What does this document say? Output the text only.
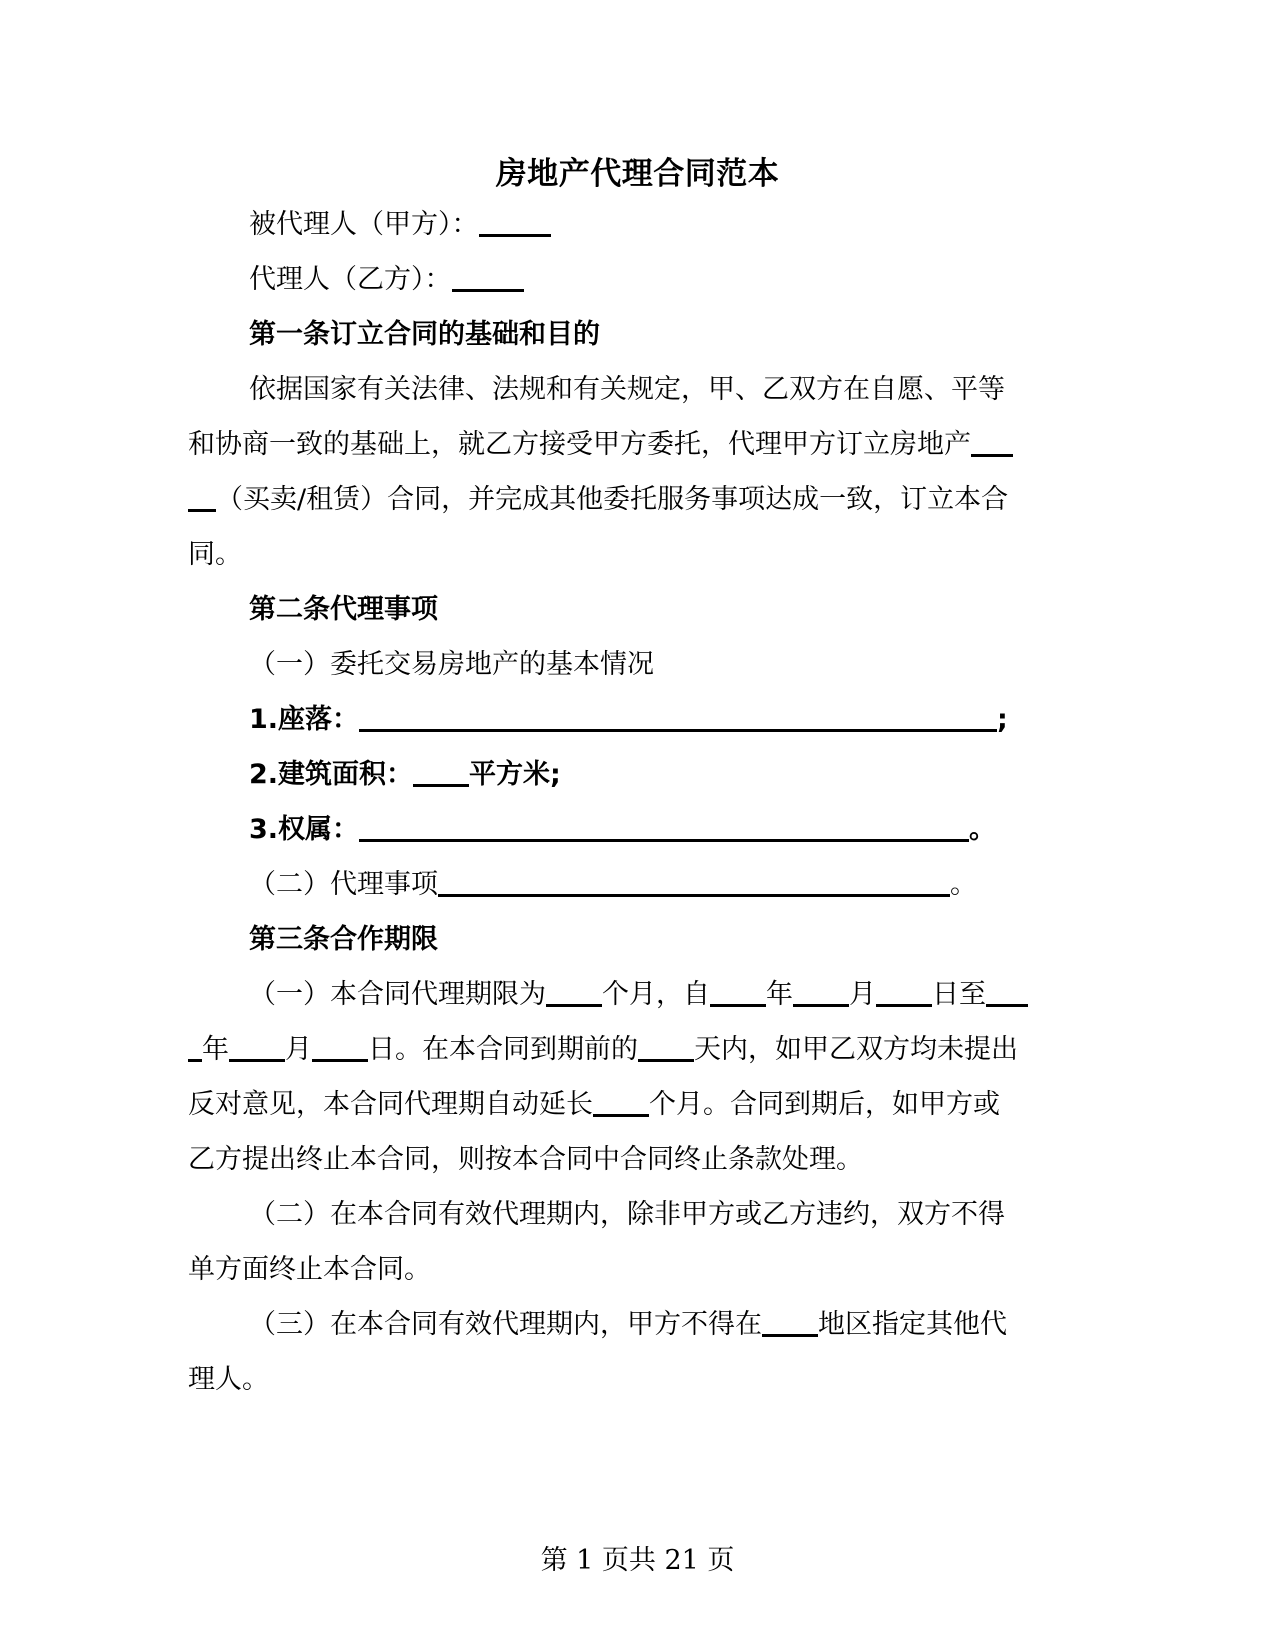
房地产代理合同范本
被代理人（甲方）：
代理人（乙方）：
第一条订立合同的基础和目的
依据国家有关法律、法规和有关规定，甲、乙双方在自愿、平等
和协商一致的基础上，就乙方接受甲方委托，代理甲方订立房地产
（买卖/租赁）合同，并完成其他委托服务事项达成一致，订立本合
同。
第二条代理事项
（一）委托交易房地产的基本情况
1.座落：	;
2.建筑面积： 平方米;
3.权属：	。
（二）代理事项	。
第三条合作期限
（一）本合同代理期限为 个月，自 年 月 日至
年 月 日。在本合同到期前的 天内，如甲乙双方均未提出
反对意见，本合同代理期自动延长 个月。合同到期后，如甲方或
乙方提出终止本合同，则按本合同中合同终止条款处理。
（二）在本合同有效代理期内，除非甲方或乙方违约，双方不得
单方面终止本合同。
（三）在本合同有效代理期内，甲方不得在 地区指定其他代
理人。
第 1 页共 21 页
